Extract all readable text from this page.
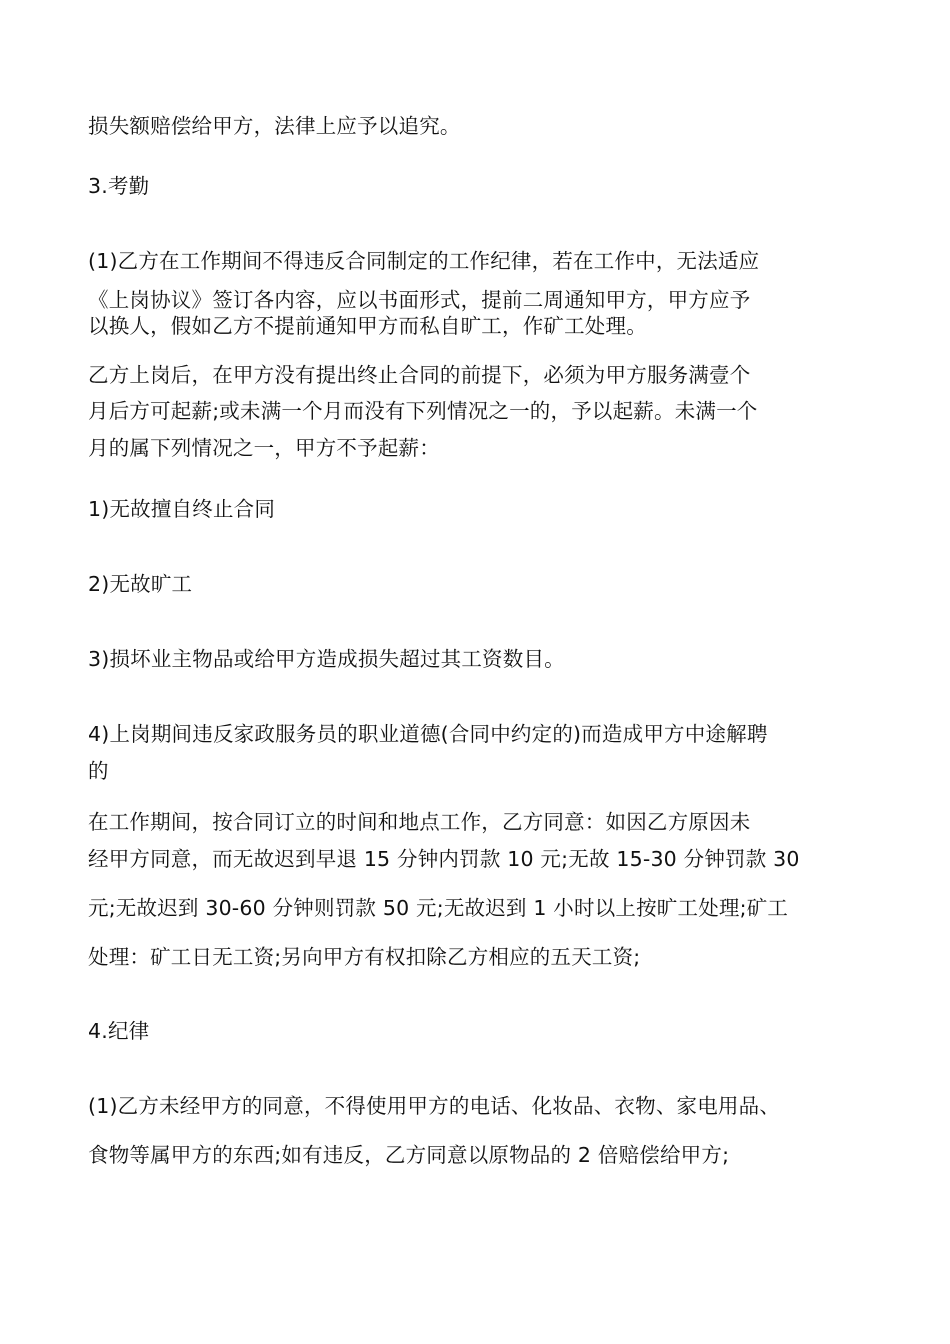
损失额赔偿给甲方，法律上应予以追究。
3.考勤
(1)乙方在工作期间不得违反合同制定的工作纪律，若在工作中，无法适应
《上岗协议》签订各内容，应以书面形式，提前二周通知甲方，甲方应予
以换人，假如乙方不提前通知甲方而私自旷工，作矿工处理。
乙方上岗后，在甲方没有提出终止合同的前提下，必须为甲方服务满壹个
月后方可起薪;或未满一个月而没有下列情况之一的，予以起薪。未满一个
月的属下列情况之一，甲方不予起薪：
1)无故擅自终止合同
2)无故旷工
3)损坏业主物品或给甲方造成损失超过其工资数目。
4)上岗期间违反家政服务员的职业道德(合同中约定的)而造成甲方中途解聘
的
在工作期间，按合同订立的时间和地点工作，乙方同意：如因乙方原因未
经甲方同意，而无故迟到早退 15 分钟内罚款 10 元;无故 15-30 分钟罚款 30
元;无故迟到 30-60 分钟则罚款 50 元;无故迟到 1 小时以上按旷工处理;矿工
处理：矿工日无工资;另向甲方有权扣除乙方相应的五天工资;
4.纪律
(1)乙方未经甲方的同意，不得使用甲方的电话、化妆品、衣物、家电用品、
食物等属甲方的东西;如有违反，乙方同意以原物品的 2 倍赔偿给甲方;
